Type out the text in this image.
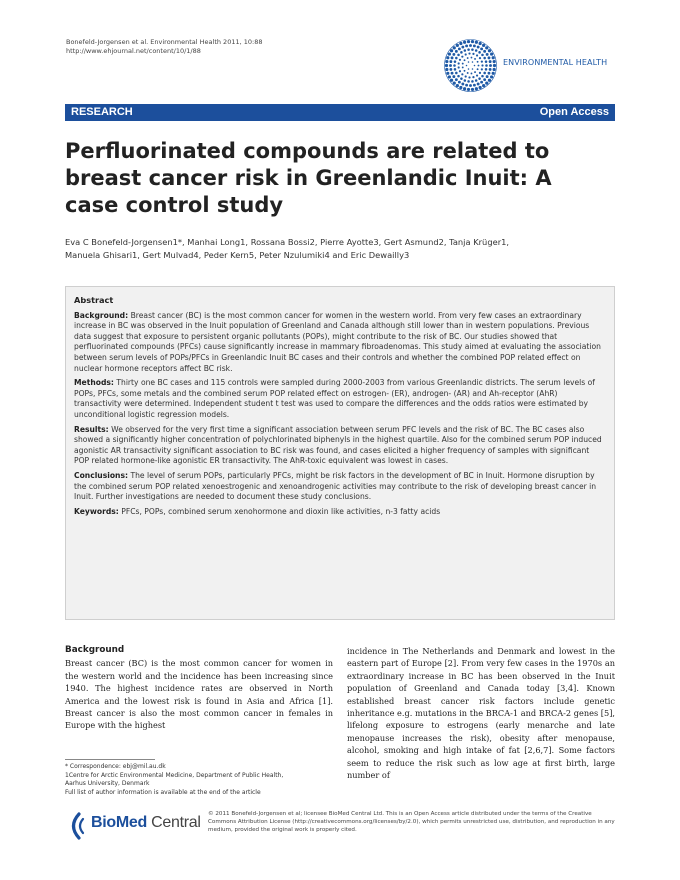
Bonefeld-Jorgensen et al. Environmental Health 2011, 10:88
http://www.ehjournal.net/content/10/1/88
ENVIRONMENTAL HEALTH
RESEARCH	Open Access
Perfluorinated compounds are related to breast cancer risk in Greenlandic Inuit: A case control study
Eva C Bonefeld-Jorgensen1*, Manhai Long1, Rossana Bossi2, Pierre Ayotte3, Gert Asmund2, Tanja Krüger1,
Manuela Ghisari1, Gert Mulvad4, Peder Kern5, Peter Nzulumiki4 and Eric Dewailly3
Abstract

Background: Breast cancer (BC) is the most common cancer for women in the western world. From very few cases an extraordinary increase in BC was observed in the Inuit population of Greenland and Canada although still lower than in western populations. Previous data suggest that exposure to persistent organic pollutants (POPs), might contribute to the risk of BC. Our studies showed that perfluorinated compounds (PFCs) cause significantly increase in mammary fibroadenomas. This study aimed at evaluating the association between serum levels of POPs/PFCs in Greenlandic Inuit BC cases and their controls and whether the combined POP related effect on nuclear hormone receptors affect BC risk.

Methods: Thirty one BC cases and 115 controls were sampled during 2000-2003 from various Greenlandic districts. The serum levels of POPs, PFCs, some metals and the combined serum POP related effect on estrogen- (ER), androgen- (AR) and Ah-receptor (AhR) transactivity were determined. Independent student t test was used to compare the differences and the odds ratios were estimated by unconditional logistic regression models.

Results: We observed for the very first time a significant association between serum PFC levels and the risk of BC. The BC cases also showed a significantly higher concentration of polychlorinated biphenyls in the highest quartile. Also for the combined serum POP induced agonistic AR transactivity significant association to BC risk was found, and cases elicited a higher frequency of samples with significant POP related hormone-like agonistic ER transactivity. The AhR-toxic equivalent was lowest in cases.

Conclusions: The level of serum POPs, particularly PFCs, might be risk factors in the development of BC in Inuit. Hormone disruption by the combined serum POP related xenoestrogenic and xenoandrogenic activities may contribute to the risk of developing breast cancer in Inuit. Further investigations are needed to document these study conclusions.

Keywords: PFCs, POPs, combined serum xenohormone and dioxin like activities, n-3 fatty acids

Background
Breast cancer (BC) is the most common cancer for women in the western world and the incidence has been increasing since 1940. The highest incidence rates are observed in North America and the lowest risk is found in Asia and Africa [1]. Breast cancer is also the most common cancer in females in Europe with the highest
incidence in The Netherlands and Denmark and lowest in the eastern part of Europe [2]. From very few cases in the 1970s an extraordinary increase in BC has been observed in the Inuit population of Greenland and Canada today [3,4]. Known established breast cancer risk factors include genetic inheritance e.g. mutations in the BRCA-1 and BRCA-2 genes [5], lifelong exposure to estrogens (early menarche and late menopause increases the risk), obesity after menopause, alcohol, smoking and high intake of fat [2,6,7]. Some factors seem to reduce the risk such as low age at first birth, large number of
* Correspondence: ebj@mil.au.dk
1Centre for Arctic Environmental Medicine, Department of Public Health,
Aarhus University, Denmark
Full list of author information is available at the end of the article
BioMed Central © 2011 Bonefeld-Jorgensen et al; licensee BioMed Central Ltd. This is an Open Access article distributed under the terms of the Creative Commons Attribution License (http://creativecommons.org/licenses/by/2.0), which permits unrestricted use, distribution, and reproduction in any medium, provided the original work is properly cited.
